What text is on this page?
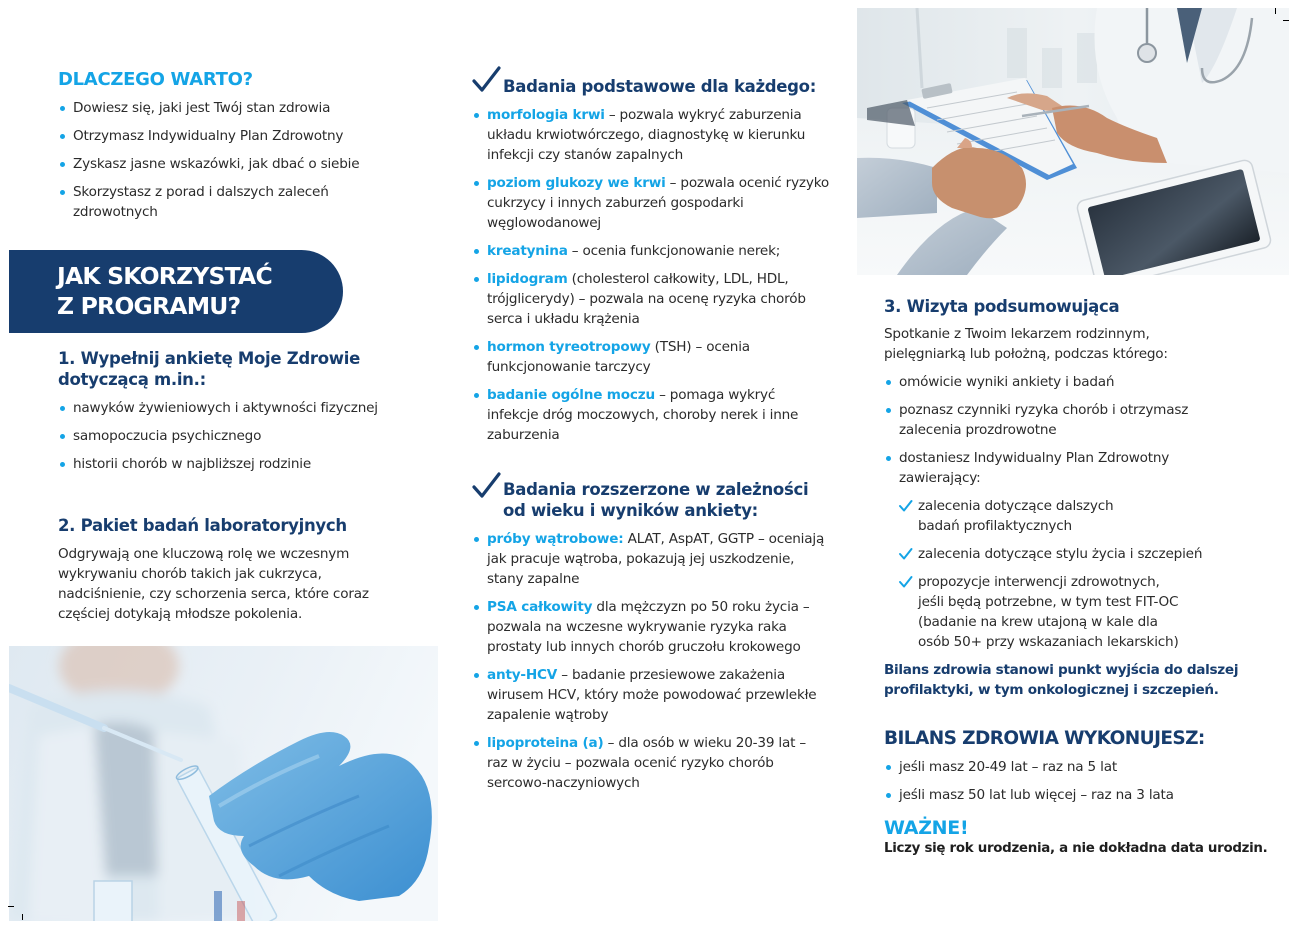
DLACZEGO WARTO?
Dowiesz się, jaki jest Twój stan zdrowia
Otrzymasz Indywidualny Plan Zdrowotny
Zyskasz jasne wskazówki, jak dbać o siebie
Skorzystasz z porad i dalszych zaleceń zdrowotnych
JAK SKORZYSTAĆ
Z PROGRAMU?
1. Wypełnij ankietę Moje Zdrowie
dotyczącą m.in.:
nawyków żywieniowych i aktywności fizycznej
samopoczucia psychicznego
historii chorób w najbliższej rodzinie
2. Pakiet badań laboratoryjnych
Odgrywają one kluczową rolę we wczesnym wykrywaniu chorób takich jak cukrzyca, nadciśnienie, czy schorzenia serca, które coraz częściej dotykają młodsze pokolenia.
Badania podstawowe dla każdego:
morfologia krwi – pozwala wykryć zaburzenia układu krwiotwórczego, diagnostykę w kierunku infekcji czy stanów zapalnych
poziom glukozy we krwi – pozwala ocenić ryzyko cukrzycy i innych zaburzeń gospodarki węglowodanowej
kreatynina – ocenia funkcjonowanie nerek;
lipidogram (cholesterol całkowity, LDL, HDL, trójglicerydy) – pozwala na ocenę ryzyka chorób serca i układu krążenia
hormon tyreotropowy (TSH) – ocenia funkcjonowanie tarczycy
badanie ogólne moczu – pomaga wykryć infekcje dróg moczowych, choroby nerek i inne zaburzenia
Badania rozszerzone w zależności
od wieku i wyników ankiety:
próby wątrobowe: ALAT, AspAT, GGTP – oceniają jak pracuje wątroba, pokazują jej uszkodzenie, stany zapalne
PSA całkowity dla mężczyzn po 50 roku życia – pozwala na wczesne wykrywanie ryzyka raka prostaty lub innych chorób gruczołu krokowego
anty-HCV – badanie przesiewowe zakażenia wirusem HCV, który może powodować przewlekłe zapalenie wątroby
lipoproteina (a) – dla osób w wieku 20-39 lat – raz w życiu – pozwala ocenić ryzyko chorób sercowo-naczyniowych
3. Wizyta podsumowująca
Spotkanie z Twoim lekarzem rodzinnym, pielęgniarką lub położną, podczas którego:
omówicie wyniki ankiety i badań
poznasz czynniki ryzyka chorób i otrzymasz zalecenia prozdrowotne
dostaniesz Indywidualny Plan Zdrowotny zawierający:
zalecenia dotyczące dalszych badań profilaktycznych
zalecenia dotyczące stylu życia i szczepień
propozycje interwencji zdrowotnych, jeśli będą potrzebne, w tym test FIT-OC (badanie na krew utajoną w kale dla osób 50+ przy wskazaniach lekarskich)
Bilans zdrowia stanowi punkt wyjścia do dalszej profilaktyki, w tym onkologicznej i szczepień.
BILANS ZDROWIA WYKONUJESZ:
jeśli masz 20-49 lat – raz na 5 lat
jeśli masz 50 lat lub więcej – raz na 3 lata
WAŻNE!
Liczy się rok urodzenia, a nie dokładna data urodzin.
